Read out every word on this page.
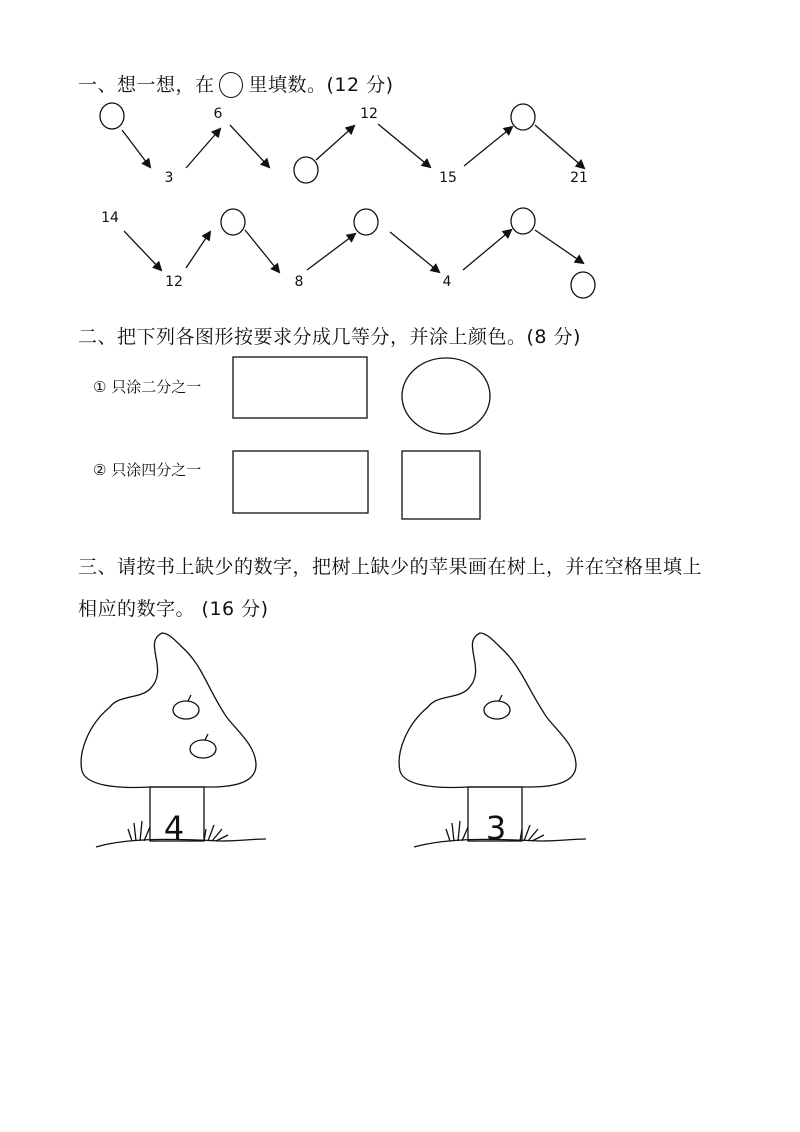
一、想一想，在 里填数。(12 分)
3
6	12
15	21
14
12	8	4
二、把下列各图形按要求分成几等分，并涂上颜色。(8 分)
① 只涂二分之一
② 只涂四分之一
三、请按书上缺少的数字，把树上缺少的苹果画在树上，并在空格里填上
相应的数字。 (16 分)
4	3
